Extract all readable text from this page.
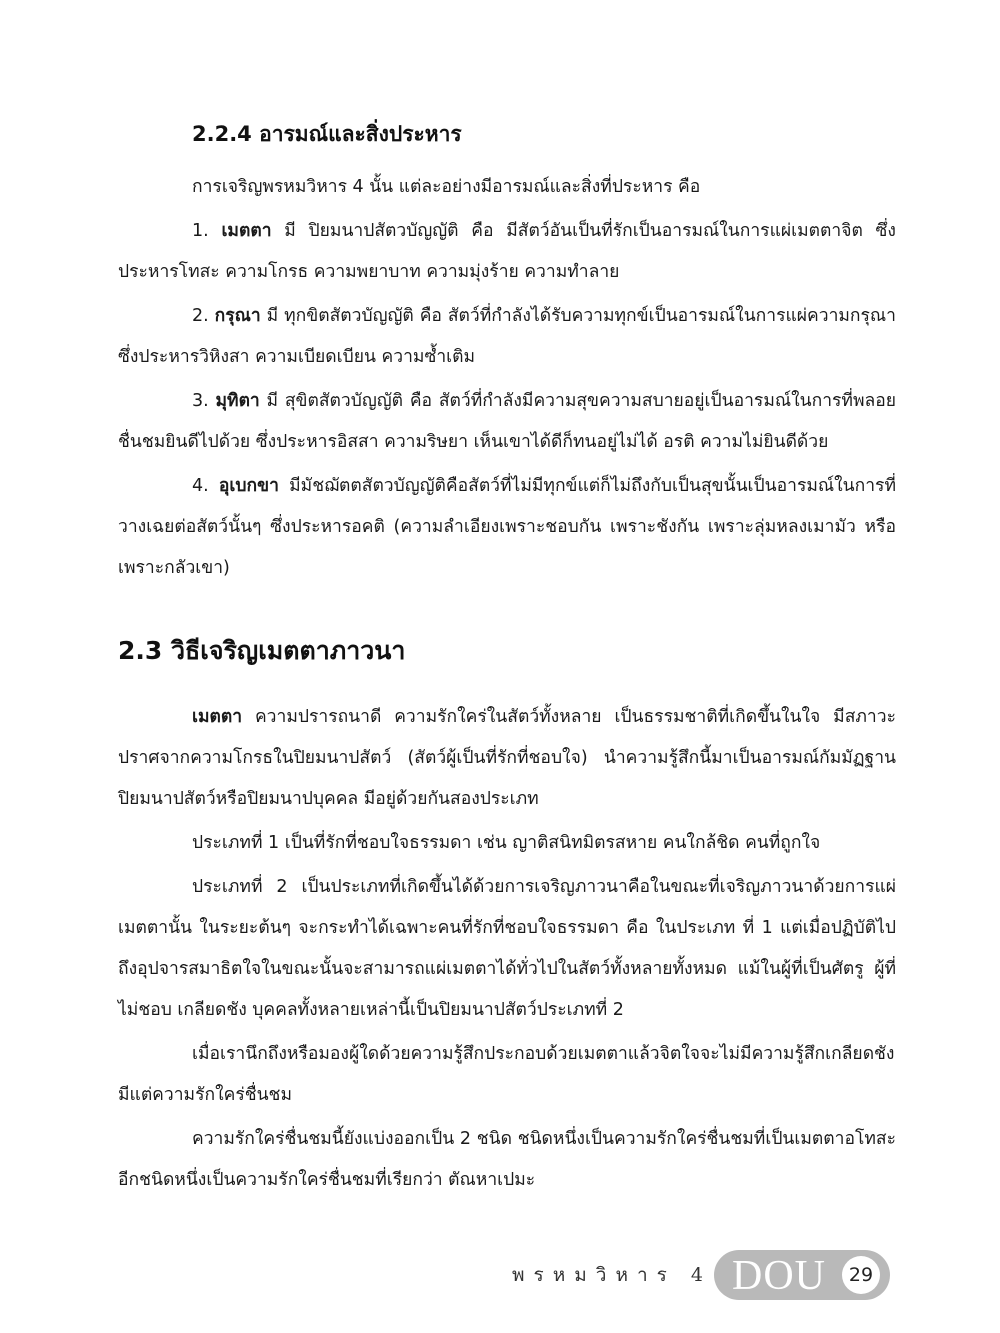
2.2.4 อารมณ์และสิ่งประหาร

การเจริญพรหมวิหาร 4 นั้น แต่ละอย่างมีอารมณ์และสิ่งที่ประหาร คือ

1. เมตตา มี ปิยมนาปสัตวบัญญัติ คือ มีสัตว์อันเป็นที่รักเป็นอารมณ์ในการแผ่เมตตาจิต ซึ่งประหารโทสะ ความโกรธ ความพยาบาท ความมุ่งร้าย ความทำลาย

2. กรุณา มี ทุกขิตสัตวบัญญัติ คือ สัตว์ที่กำลังได้รับความทุกข์เป็นอารมณ์ในการแผ่ความกรุณา ซึ่งประหารวิหิงสา ความเบียดเบียน ความซ้ำเติม

3. มุทิตา มี สุขิตสัตวบัญญัติ คือ สัตว์ที่กำลังมีความสุขความสบายอยู่เป็นอารมณ์ในการที่พลอยชื่นชมยินดีไปด้วย ซึ่งประหารอิสสา ความริษยา เห็นเขาได้ดีก็ทนอยู่ไม่ได้ อรติ ความไม่ยินดีด้วย

4. อุเบกขา มีมัชฌัตตสัตวบัญญัติคือสัตว์ที่ไม่มีทุกข์แต่ก็ไม่ถึงกับเป็นสุขนั้นเป็นอารมณ์ในการที่วางเฉยต่อสัตว์นั้นๆ ซึ่งประหารอคติ (ความลำเอียงเพราะชอบกัน เพราะชังกัน เพราะลุ่มหลงเมามัว หรือเพราะกลัวเขา)

2.3 วิธีเจริญเมตตาภาวนา

เมตตา ความปรารถนาดี ความรักใคร่ในสัตว์ทั้งหลาย เป็นธรรมชาติที่เกิดขึ้นในใจ มีสภาวะปราศจากความโกรธในปิยมนาปสัตว์ (สัตว์ผู้เป็นที่รักที่ชอบใจ) นำความรู้สึกนี้มาเป็นอารมณ์กัมมัฏฐาน ปิยมนาปสัตว์หรือปิยมนาปบุคคล มีอยู่ด้วยกันสองประเภท

ประเภทที่ 1 เป็นที่รักที่ชอบใจธรรมดา เช่น ญาติสนิทมิตรสหาย คนใกล้ชิด คนที่ถูกใจ

ประเภทที่ 2 เป็นประเภทที่เกิดขึ้นได้ด้วยการเจริญภาวนาคือในขณะที่เจริญภาวนาด้วยการแผ่เมตตานั้น ในระยะต้นๆ จะกระทำได้เฉพาะคนที่รักที่ชอบใจธรรมดา คือ ในประเภท ที่ 1 แต่เมื่อปฏิบัติไปถึงอุปจารสมาธิตใจในขณะนั้นจะสามารถแผ่เมตตาได้ทั่วไปในสัตว์ทั้งหลายทั้งหมด แม้ในผู้ที่เป็นศัตรู ผู้ที่ไม่ชอบ เกลียดชัง บุคคลทั้งหลายเหล่านี้เป็นปิยมนาปสัตว์ประเภทที่ 2

เมื่อเรานึกถึงหรือมองผู้ใดด้วยความรู้สึกประกอบด้วยเมตตาแล้วจิตใจจะไม่มีความรู้สึกเกลียดชัง มีแต่ความรักใคร่ชื่นชม

ความรักใคร่ชื่นชมนี้ยังแบ่งออกเป็น 2 ชนิด ชนิดหนึ่งเป็นความรักใคร่ชื่นชมที่เป็นเมตตาอโทสะ อีกชนิดหนึ่งเป็นความรักใคร่ชื่นชมที่เรียกว่า ตัณหาเปมะ

พรหมวิหาร 4 DOU	29
